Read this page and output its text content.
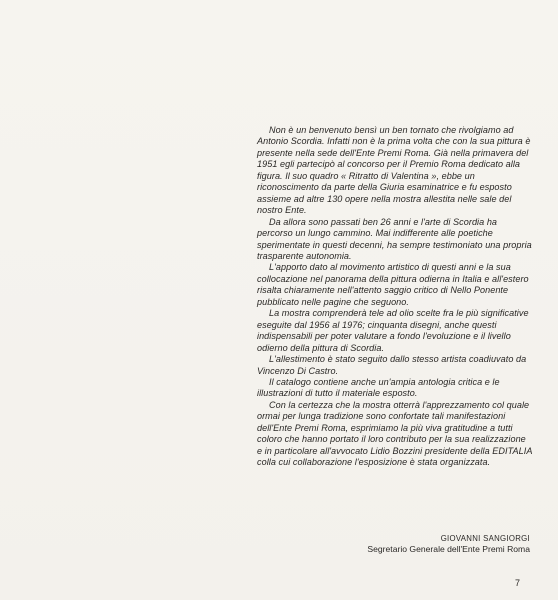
Non è un benvenuto bensì un ben tornato che rivolgiamo ad Antonio Scordia. Infatti non è la prima volta che con la sua pittura è presente nella sede dell'Ente Premi Roma. Già nella primavera del 1951 egli partecipò al concorso per il Premio Roma dedicato alla figura. Il suo quadro « Ritratto di Valentina », ebbe un riconoscimento da parte della Giuria esaminatrice e fu esposto assieme ad altre 130 opere nella mostra allestita nelle sale del nostro Ente.

Da allora sono passati ben 26 anni e l'arte di Scordia ha percorso un lungo cammino. Mai indifferente alle poetiche sperimentate in questi decenni, ha sempre testimoniato una propria trasparente autonomia.

L'apporto dato al movimento artistico di questi anni e la sua collocazione nel panorama della pittura odierna in Italia e all'estero risalta chiaramente nell'attento saggio critico di Nello Ponente pubblicato nelle pagine che seguono.

La mostra comprenderà tele ad olio scelte fra le più significative eseguite dal 1956 al 1976; cinquanta disegni, anche questi indispensabili per poter valutare a fondo l'evoluzione e il livello odierno della pittura di Scordia.

L'allestimento è stato seguito dallo stesso artista coadiuvato da Vincenzo Di Castro.

Il catalogo contiene anche un'ampia antologia critica e le illustrazioni di tutto il materiale esposto.

Con la certezza che la mostra otterrà l'apprezzamento col quale ormai per lunga tradizione sono confortate tali manifestazioni dell'Ente Premi Roma, esprimiamo la più viva gratitudine a tutti coloro che hanno portato il loro contributo per la sua realizzazione e in particolare all'avvocato Lidio Bozzini presidente della EDITALIA colla cui collaborazione l'esposizione è stata organizzata.

GIOVANNI SANGIORGI
Segretario Generale dell'Ente Premi Roma
7
